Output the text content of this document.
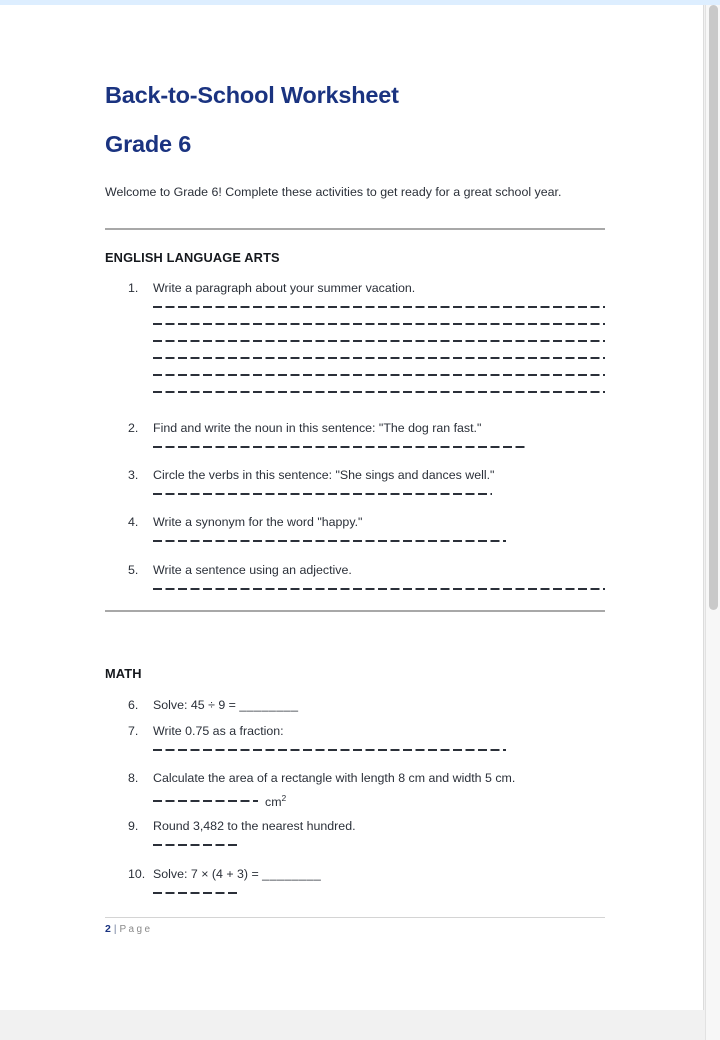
Back-to-School Worksheet
Grade 6

Welcome to Grade 6! Complete these activities to get ready for a great school year.

ENGLISH LANGUAGE ARTS
1.	Write a paragraph about your summer vacation.
2.	Find and write the noun in this sentence: "The dog ran fast."
3.	Circle the verbs in this sentence: "She sings and dances well."
4.	Write a synonym for the word "happy."
5.	Write a sentence using an adjective.
MATH
6.	Solve: 45 ÷ 9 = ________
7.	Write 0.75 as a fraction:
8.	Calculate the area of a rectangle with length 8 cm and width 5 cm.
$cm^2$
9.	Round 3,482 to the nearest hundred.
10. Solve: 7 × (4 + 3) = ________
2 | Page
